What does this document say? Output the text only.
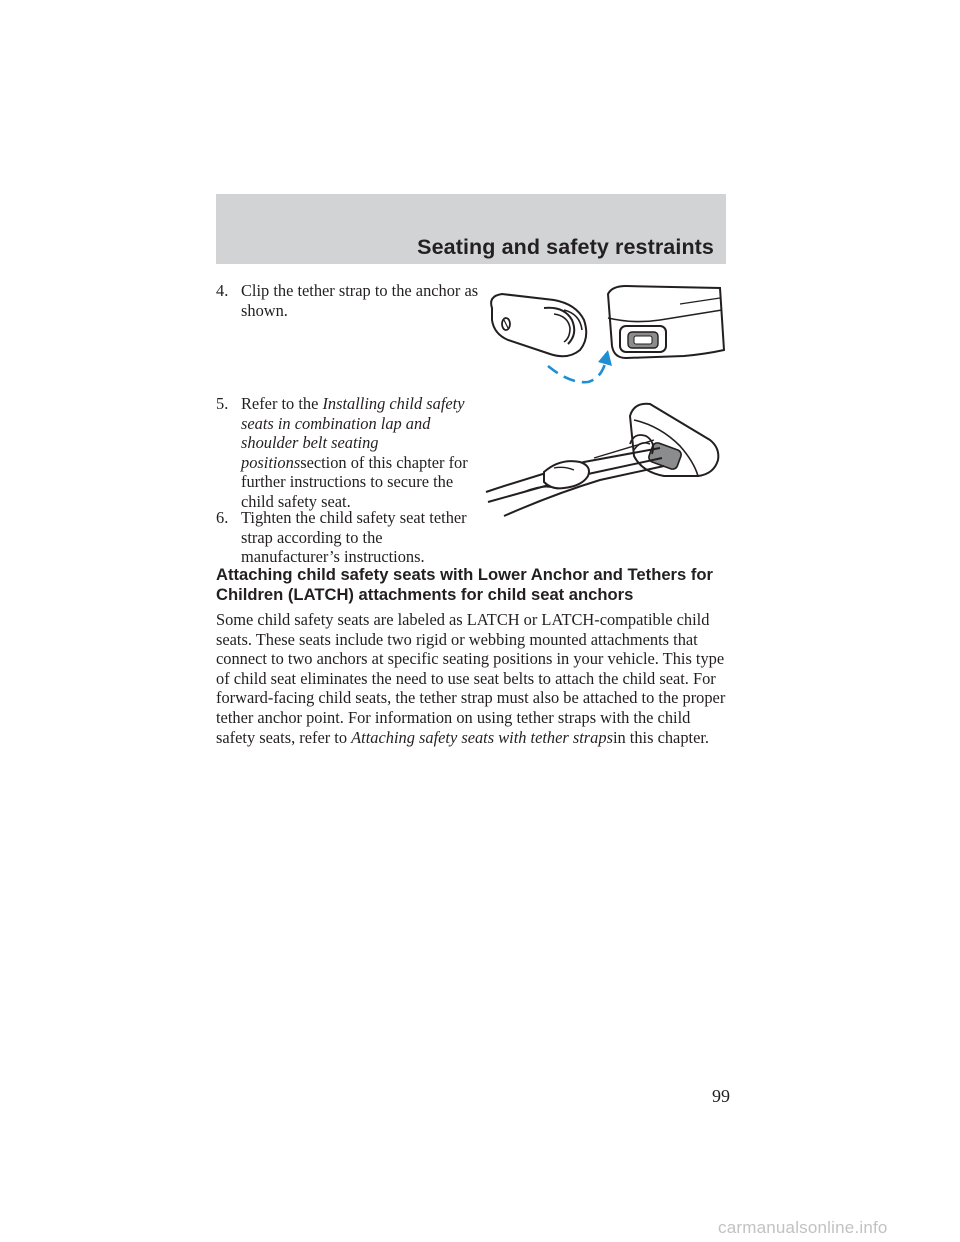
Seating and safety restraints
4. Clip the tether strap to the anchor as shown.
5. Refer to the Installing child safety seats in combination lap and shoulder belt seating positionssection of this chapter for further instructions to secure the child safety seat.
6. Tighten the child safety seat tether strap according to the manufacturer’s instructions.
Attaching child safety seats with Lower Anchor and Tethers for Children (LATCH) attachments for child seat anchors
Some child safety seats are labeled as LATCH or LATCH-compatible child seats. These seats include two rigid or webbing mounted attachments that connect to two anchors at specific seating positions in your vehicle. This type of child seat eliminates the need to use seat belts to attach the child seat. For forward-facing child seats, the tether strap must also be attached to the proper tether anchor point. For information on using tether straps with the child safety seats, refer to Attaching safety seats with tether strapsin this chapter.
99
carmanualsonline.info
